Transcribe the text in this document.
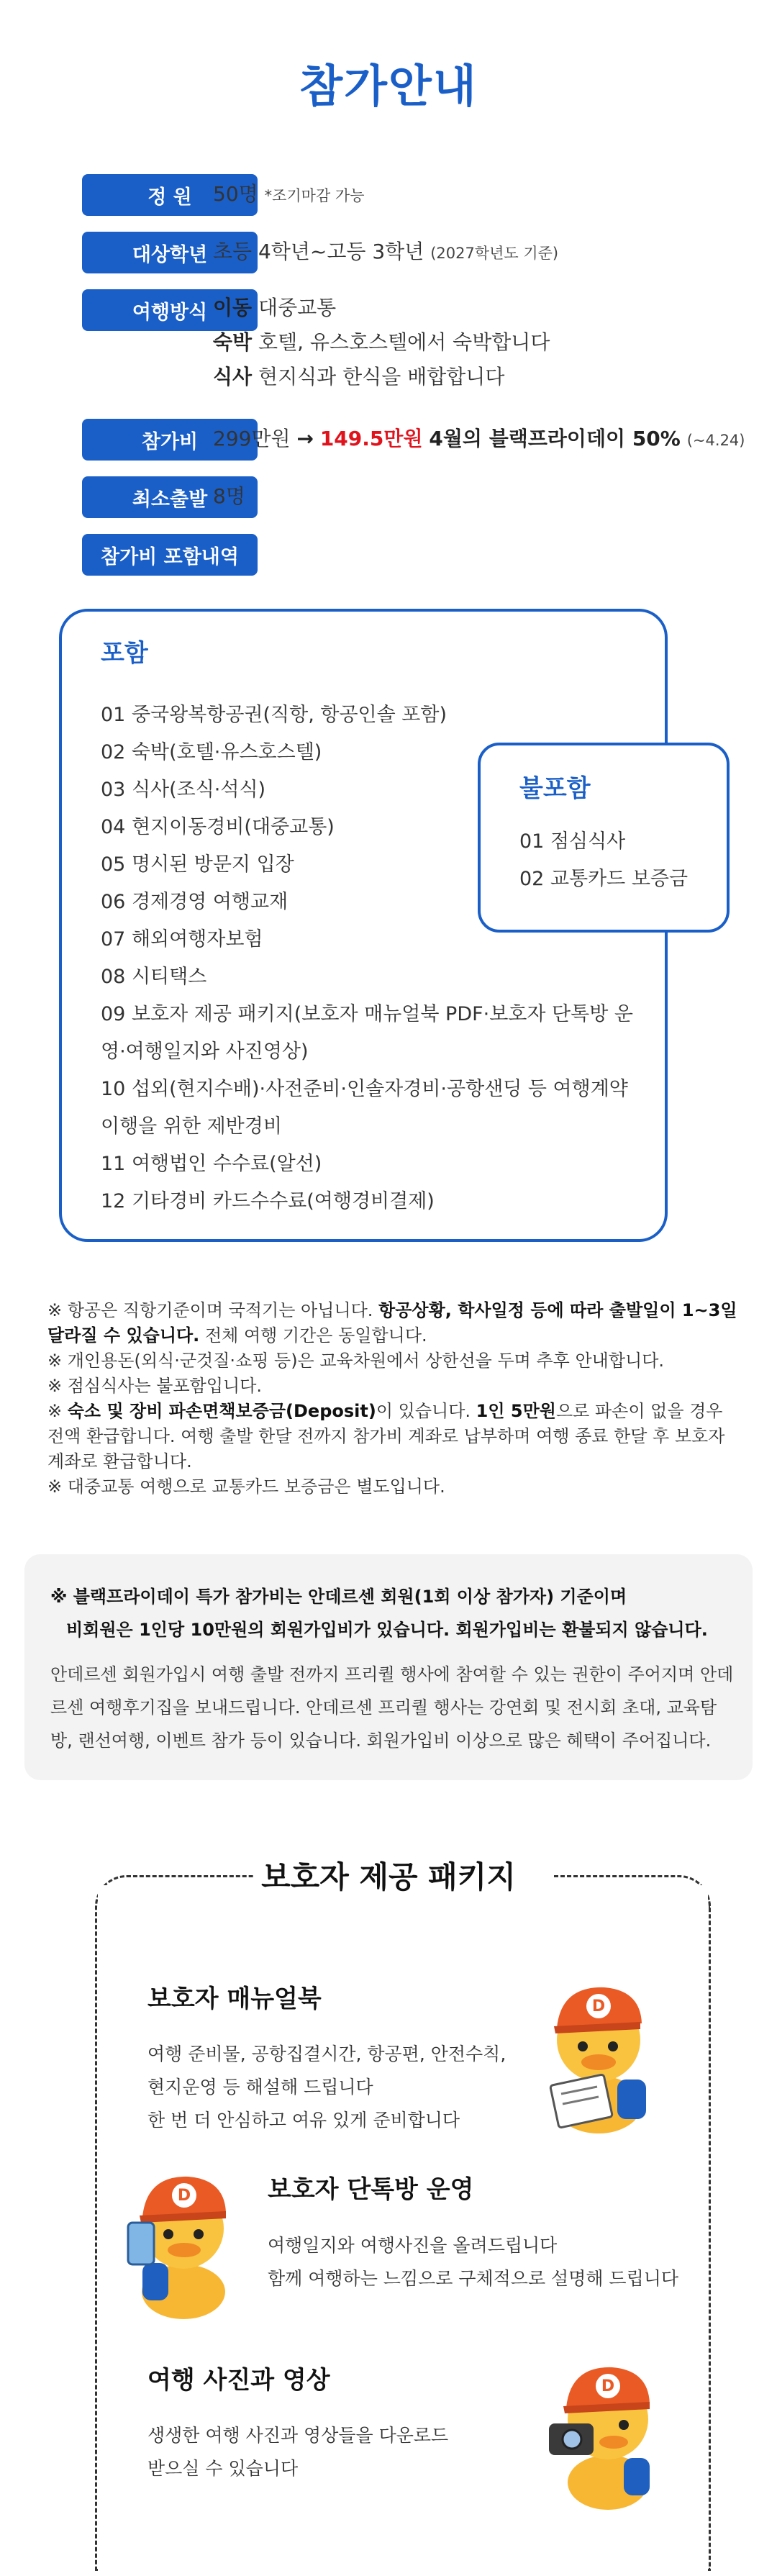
참가안내
정 원	50명 *조기마감 가능
대상학년 초등 4학년~고등 3학년 (2027학년도 기준)
여행방식 이동 대중교통
숙박 호텔, 유스호스텔에서 숙박합니다
식사 현지식과 한식을 배합합니다
참가비 299만원 → 149.5만원 4월의 블랙프라이데이 50% (~4.24)
최소출발 8명
참가비 포함내역
포함
01 중국왕복항공권(직항, 항공인솔 포함)
02 숙박(호텔·유스호스텔)
03 식사(조식·석식)
04 현지이동경비(대중교통)
05 명시된 방문지 입장
06 경제경영 여행교재
07 해외여행자보험
08 시티택스
09 보호자 제공 패키지(보호자 매뉴얼북 PDF·보호자 단톡방 운영·여행일지와 사진영상)
10 섭외(현지수배)·사전준비·인솔자경비·공항샌딩 등 여행계약 이행을 위한 제반경비
11 여행법인 수수료(알선)
12 기타경비 카드수수료(여행경비결제)
불포함
01 점심식사
02 교통카드 보증금

※ 항공은 직항기준이며 국적기는 아닙니다. 항공상황, 학사일정 등에 따라 출발일이 1~3일 달라질 수 있습니다. 전체 여행 기간은 동일합니다.

※ 개인용돈(외식·군것질·쇼핑 등)은 교육차원에서 상한선을 두며 추후 안내합니다.

※ 점심식사는 불포함입니다.

※ 숙소 및 장비 파손면책보증금(Deposit)이 있습니다. 1인 5만원으로 파손이 없을 경우 전액 환급합니다. 여행 출발 한달 전까지 참가비 계좌로 납부하며 여행 종료 한달 후 보호자 계좌로 환급합니다.

※ 대중교통 여행으로 교통카드 보증금은 별도입니다.

※ 블랙프라이데이 특가 참가비는 안데르센 회원(1회 이상 참가자) 기준이며
비회원은 1인당 10만원의 회원가입비가 있습니다. 회원가입비는 환불되지 않습니다.
안데르센 회원가입시 여행 출발 전까지 프리퀄 행사에 참여할 수 있는 권한이 주어지며 안데르센 여행후기집을 보내드립니다. 안데르센 프리퀄 행사는 강연회 및 전시회 초대, 교육탐방, 랜선여행, 이벤트 참가 등이 있습니다. 회원가입비 이상으로 많은 혜택이 주어집니다.
보호자 제공 패키지
보호자 매뉴얼북
여행 준비물, 공항집결시간, 항공편, 안전수칙,
현지운영 등 해설해 드립니다
한 번 더 안심하고 여유 있게 준비합니다
D
보호자 단톡방 운영
여행일지와 여행사진을 올려드립니다
함께 여행하는 느낌으로 구체적으로 설명해 드립니다
D
여행 사진과 영상
생생한 여행 사진과 영상들을 다운로드
받으실 수 있습니다
D
